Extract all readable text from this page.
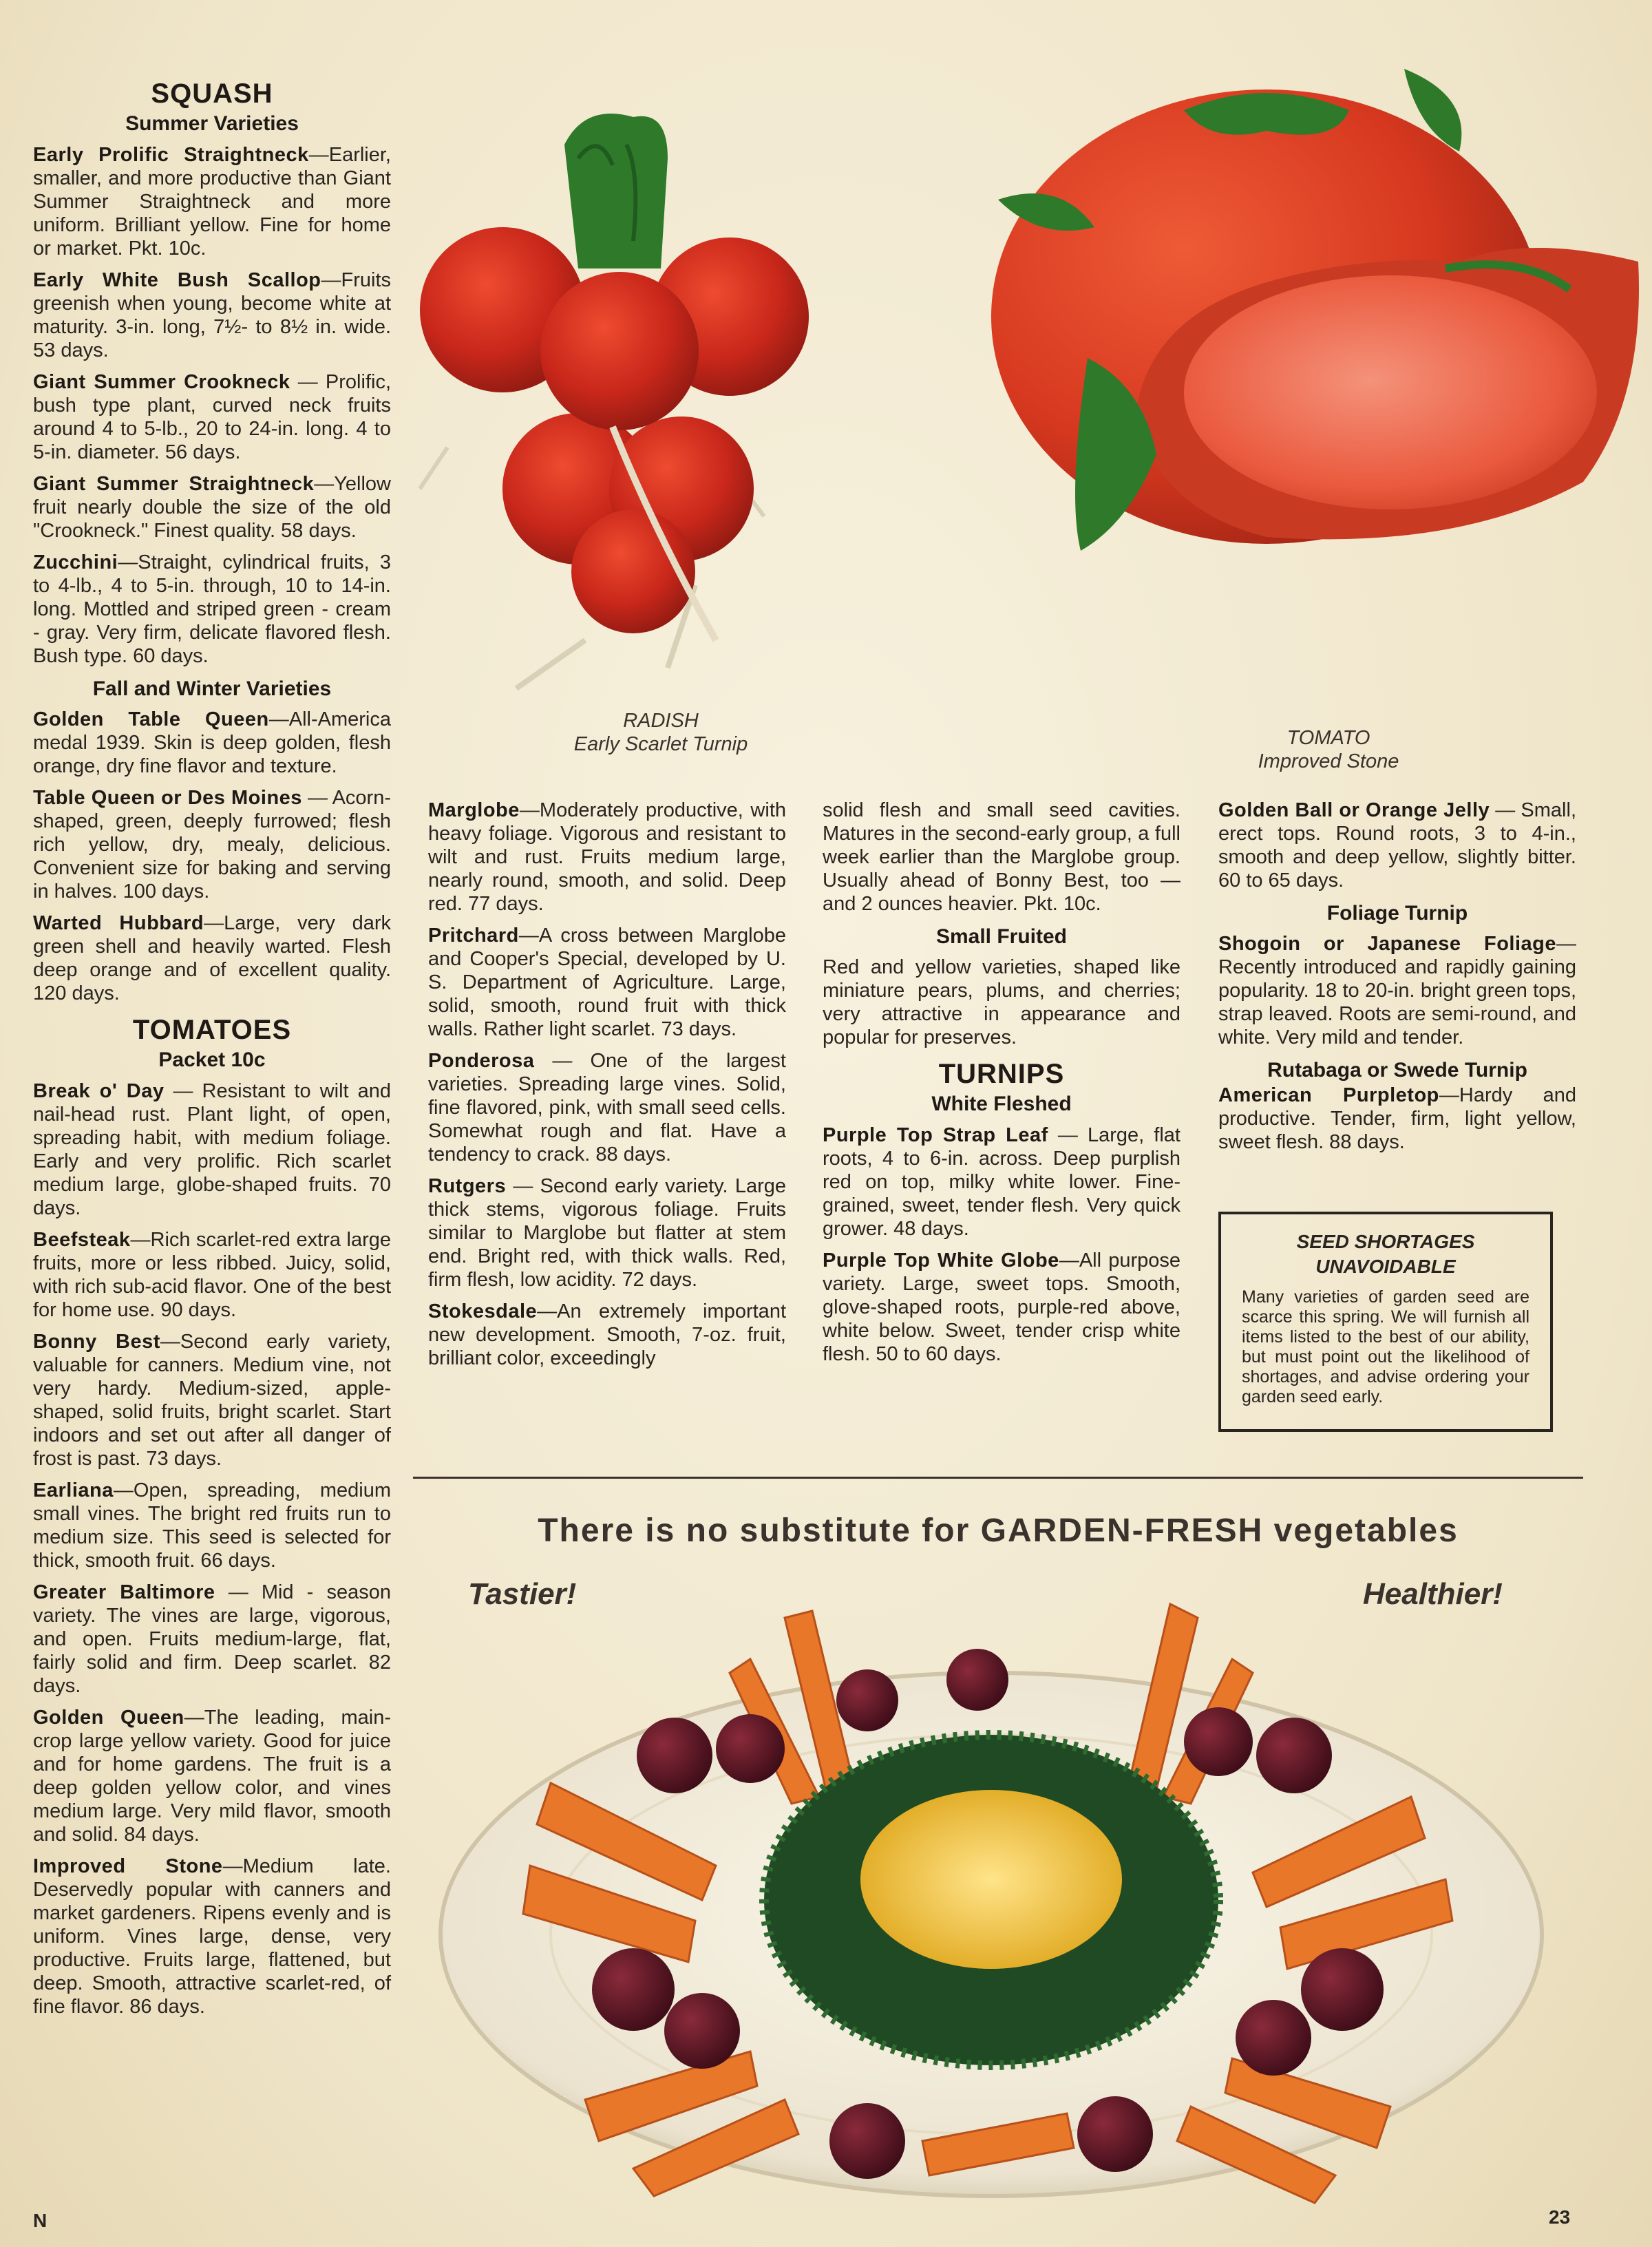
SQUASH
Summer Varieties

Early Prolific Straightneck—Earlier, smaller, and more productive than Giant Summer Straightneck and more uniform. Brilliant yellow. Fine for home or market. Pkt. 10c.

Early White Bush Scallop—Fruits greenish when young, become white at maturity. 3-in. long, 7½- to 8½ in. wide. 53 days.

Giant Summer Crookneck — Prolific, bush type plant, curved neck fruits around 4 to 5-lb., 20 to 24-in. long. 4 to 5-in. diameter. 56 days.

Giant Summer Straightneck—Yellow fruit nearly double the size of the old "Crookneck." Finest quality. 58 days.

Zucchini—Straight, cylindrical fruits, 3 to 4-lb., 4 to 5-in. through, 10 to 14-in. long. Mottled and striped green - cream - gray. Very firm, delicate flavored flesh. Bush type. 60 days.

Fall and Winter Varieties

Golden Table Queen—All-America medal 1939. Skin is deep golden, flesh orange, dry fine flavor and texture.

Table Queen or Des Moines — Acorn-shaped, green, deeply furrowed; flesh rich yellow, dry, mealy, delicious. Convenient size for baking and serving in halves. 100 days.

Warted Hubbard—Large, very dark green shell and heavily warted. Flesh deep orange and of excellent quality. 120 days.

TOMATOES
Packet 10c

Break o' Day — Resistant to wilt and nail-head rust. Plant light, of open, spreading habit, with medium foliage. Early and very prolific. Rich scarlet medium large, globe-shaped fruits. 70 days.

Beefsteak—Rich scarlet-red extra large fruits, more or less ribbed. Juicy, solid, with rich sub-acid flavor. One of the best for home use. 90 days.

Bonny Best—Second early variety, valuable for canners. Medium vine, not very hardy. Medium-sized, apple-shaped, solid fruits, bright scarlet. Start indoors and set out after all danger of frost is past. 73 days.

Earliana—Open, spreading, medium small vines. The bright red fruits run to medium size. This seed is selected for thick, smooth fruit. 66 days.

Greater Baltimore — Mid - season variety. The vines are large, vigorous, and open. Fruits medium-large, flat, fairly solid and firm. Deep scarlet. 82 days.

Golden Queen—The leading, main-crop large yellow variety. Good for juice and for home gardens. The fruit is a deep golden yellow color, and vines medium large. Very mild flavor, smooth and solid. 84 days.

Improved Stone—Medium late. Deservedly popular with canners and market gardeners. Ripens evenly and is uniform. Vines large, dense, very productive. Fruits large, flattened, but deep. Smooth, attractive scarlet-red, of fine flavor. 86 days.

Marglobe—Moderately productive, with heavy foliage. Vigorous and resistant to wilt and rust. Fruits medium large, nearly round, smooth, and solid. Deep red. 77 days.

Pritchard—A cross between Marglobe and Cooper's Special, developed by U. S. Department of Agriculture. Large, solid, smooth, round fruit with thick walls. Rather light scarlet. 73 days.

Ponderosa — One of the largest varieties. Spreading large vines. Solid, fine flavored, pink, with small seed cells. Somewhat rough and flat. Have a tendency to crack. 88 days.

Rutgers — Second early variety. Large thick stems, vigorous foliage. Fruits similar to Marglobe but flatter at stem end. Bright red, with thick walls. Red, firm flesh, low acidity. 72 days.

Stokesdale—An extremely important new development. Smooth, 7-oz. fruit, brilliant color, exceedingly

solid flesh and small seed cavities. Matures in the second-early group, a full week earlier than the Marglobe group. Usually ahead of Bonny Best, too — and 2 ounces heavier. Pkt. 10c.

Small Fruited

Red and yellow varieties, shaped like miniature pears, plums, and cherries; very attractive in appearance and popular for preserves.

TURNIPS
White Fleshed

Purple Top Strap Leaf — Large, flat roots, 4 to 6-in. across. Deep purplish red on top, milky white lower. Fine-grained, sweet, tender flesh. Very quick grower. 48 days.

Purple Top White Globe—All purpose variety. Large, sweet tops. Smooth, glove-shaped roots, purple-red above, white below. Sweet, tender crisp white flesh. 50 to 60 days.

Golden Ball or Orange Jelly — Small, erect tops. Round roots, 3 to 4-in., smooth and deep yellow, slightly bitter. 60 to 65 days.

Foliage Turnip

Shogoin or Japanese Foliage—Recently introduced and rapidly gaining popularity. 18 to 20-in. bright green tops, strap leaved. Roots are semi-round, and white. Very mild and tender.

Rutabaga or Swede Turnip

American Purpletop—Hardy and productive. Tender, firm, light yellow, sweet flesh. 88 days.

SEED SHORTAGES
UNAVOIDABLE
Many varieties of garden seed are scarce this spring. We will furnish all items listed to the best of our ability, but must point out the likelihood of shortages, and advise ordering your garden seed early.
RADISH
Early Scarlet Turnip	TOMATO
Improved Stone
There is no substitute for GARDEN-FRESH vegetables
Tastier!	Healthier!
23
N
